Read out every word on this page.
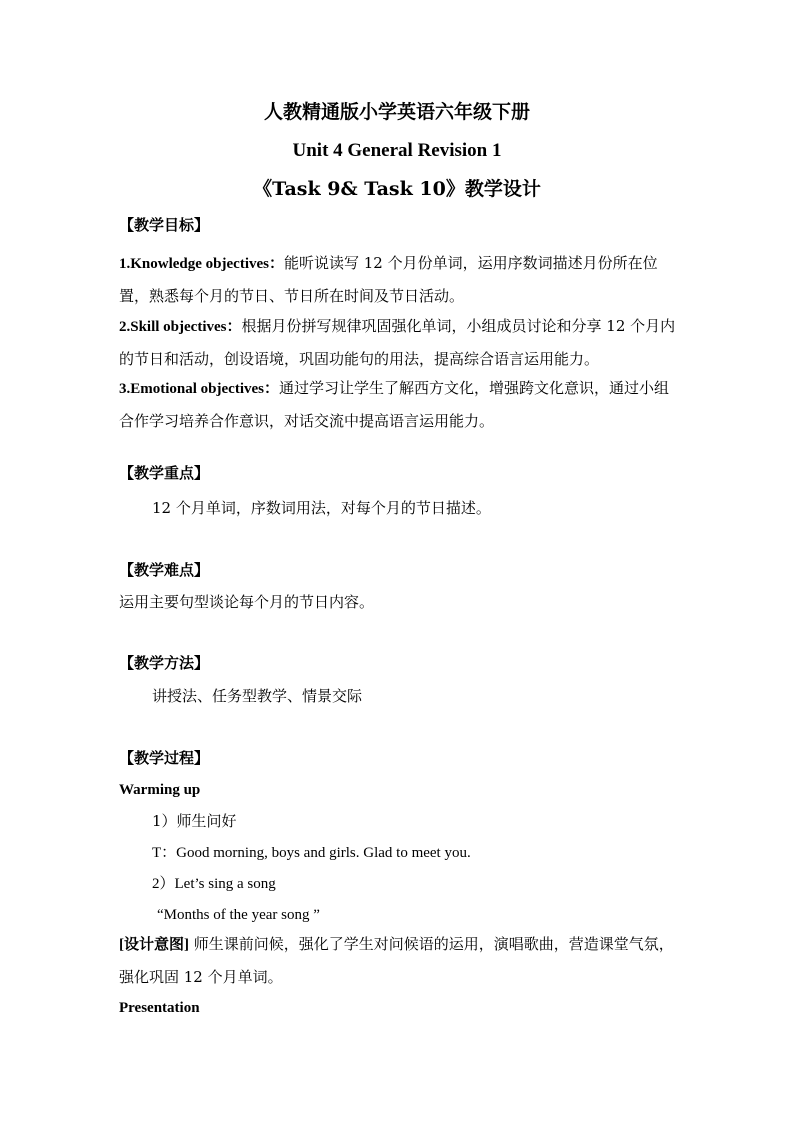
人教精通版小学英语六年级下册
Unit 4 General Revision 1
《Task 9& Task 10》教学设计
【教学目标】
1.Knowledge objectives：能听说读写 12 个月份单词，运用序数词描述月份所在位置，熟悉每个月的节日、节日所在时间及节日活动。
2.Skill objectives：根据月份拼写规律巩固强化单词，小组成员讨论和分享 12 个月内的节日和活动，创设语境，巩固功能句的用法，提高综合语言运用能力。
3.Emotional objectives：通过学习让学生了解西方文化，增强跨文化意识，通过小组合作学习培养合作意识，对话交流中提高语言运用能力。
【教学重点】
12 个月单词，序数词用法，对每个月的节日描述。
【教学难点】
运用主要句型谈论每个月的节日内容。
【教学方法】
讲授法、任务型教学、情景交际
【教学过程】
Warming up
1）师生问好
T：Good morning, boys and girls. Glad to meet you.
2）Let’s sing a song
“Months of the year song ”
[设计意图] 师生课前问候，强化了学生对问候语的运用，演唱歌曲，营造课堂气氛，强化巩固 12 个月单词。
Presentation
